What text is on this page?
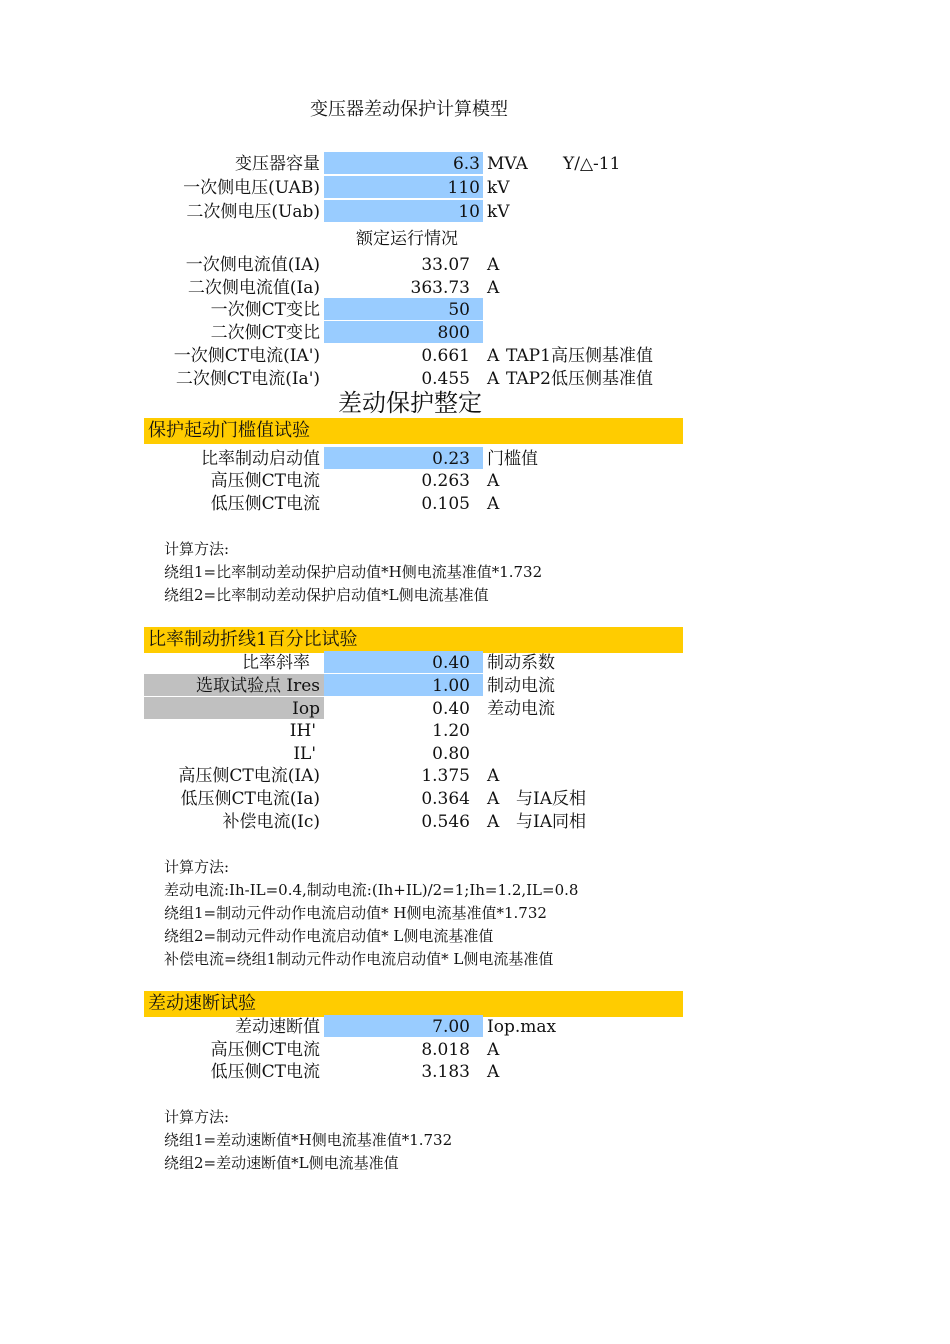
变压器差动保护计算模型
变压器容量	6.3 MVA Y/△-11
一次侧电压(UAB)	110 kV
二次侧电压(Uab)	10 kV
额定运行情况
一次侧电流值(IA)	33.07 A
二次侧电流值(Ia)	363.73 A
一次侧CT变比	50
二次侧CT变比	800
一次侧CT电流(IA')	0.661 A TAP1高压侧基准值
二次侧CT电流(Ia')	0.455 A TAP2低压侧基准值
差动保护整定
保护起动门槛值试验
比率制动启动值	0.23 门槛值
高压侧CT电流	0.263 A
低压侧CT电流	0.105 A
计算方法:
绕组1=比率制动差动保护启动值*H侧电流基准值*1.732
绕组2=比率制动差动保护启动值*L侧电流基准值
比率制动折线1百分比试验
比率斜率	0.40 制动系数
选取试验点 Ires	1.00 制动电流
Iop	0.40 差动电流
IH'	1.20
IL'	0.80
高压侧CT电流(IA)	1.375 A
低压侧CT电流(Ia)	0.364 A 与IA反相
补偿电流(Ic)	0.546 A 与IA同相
计算方法:
差动电流:Ih-IL=0.4,制动电流:(Ih+IL)/2=1;Ih=1.2,IL=0.8
绕组1=制动元件动作电流启动值* H侧电流基准值*1.732
绕组2=制动元件动作电流启动值* L侧电流基准值
补偿电流=绕组1制动元件动作电流启动值* L侧电流基准值
差动速断试验
差动速断值	7.00 Iop.max
高压侧CT电流	8.018 A
低压侧CT电流	3.183 A
计算方法:
绕组1=差动速断值*H侧电流基准值*1.732
绕组2=差动速断值*L侧电流基准值
